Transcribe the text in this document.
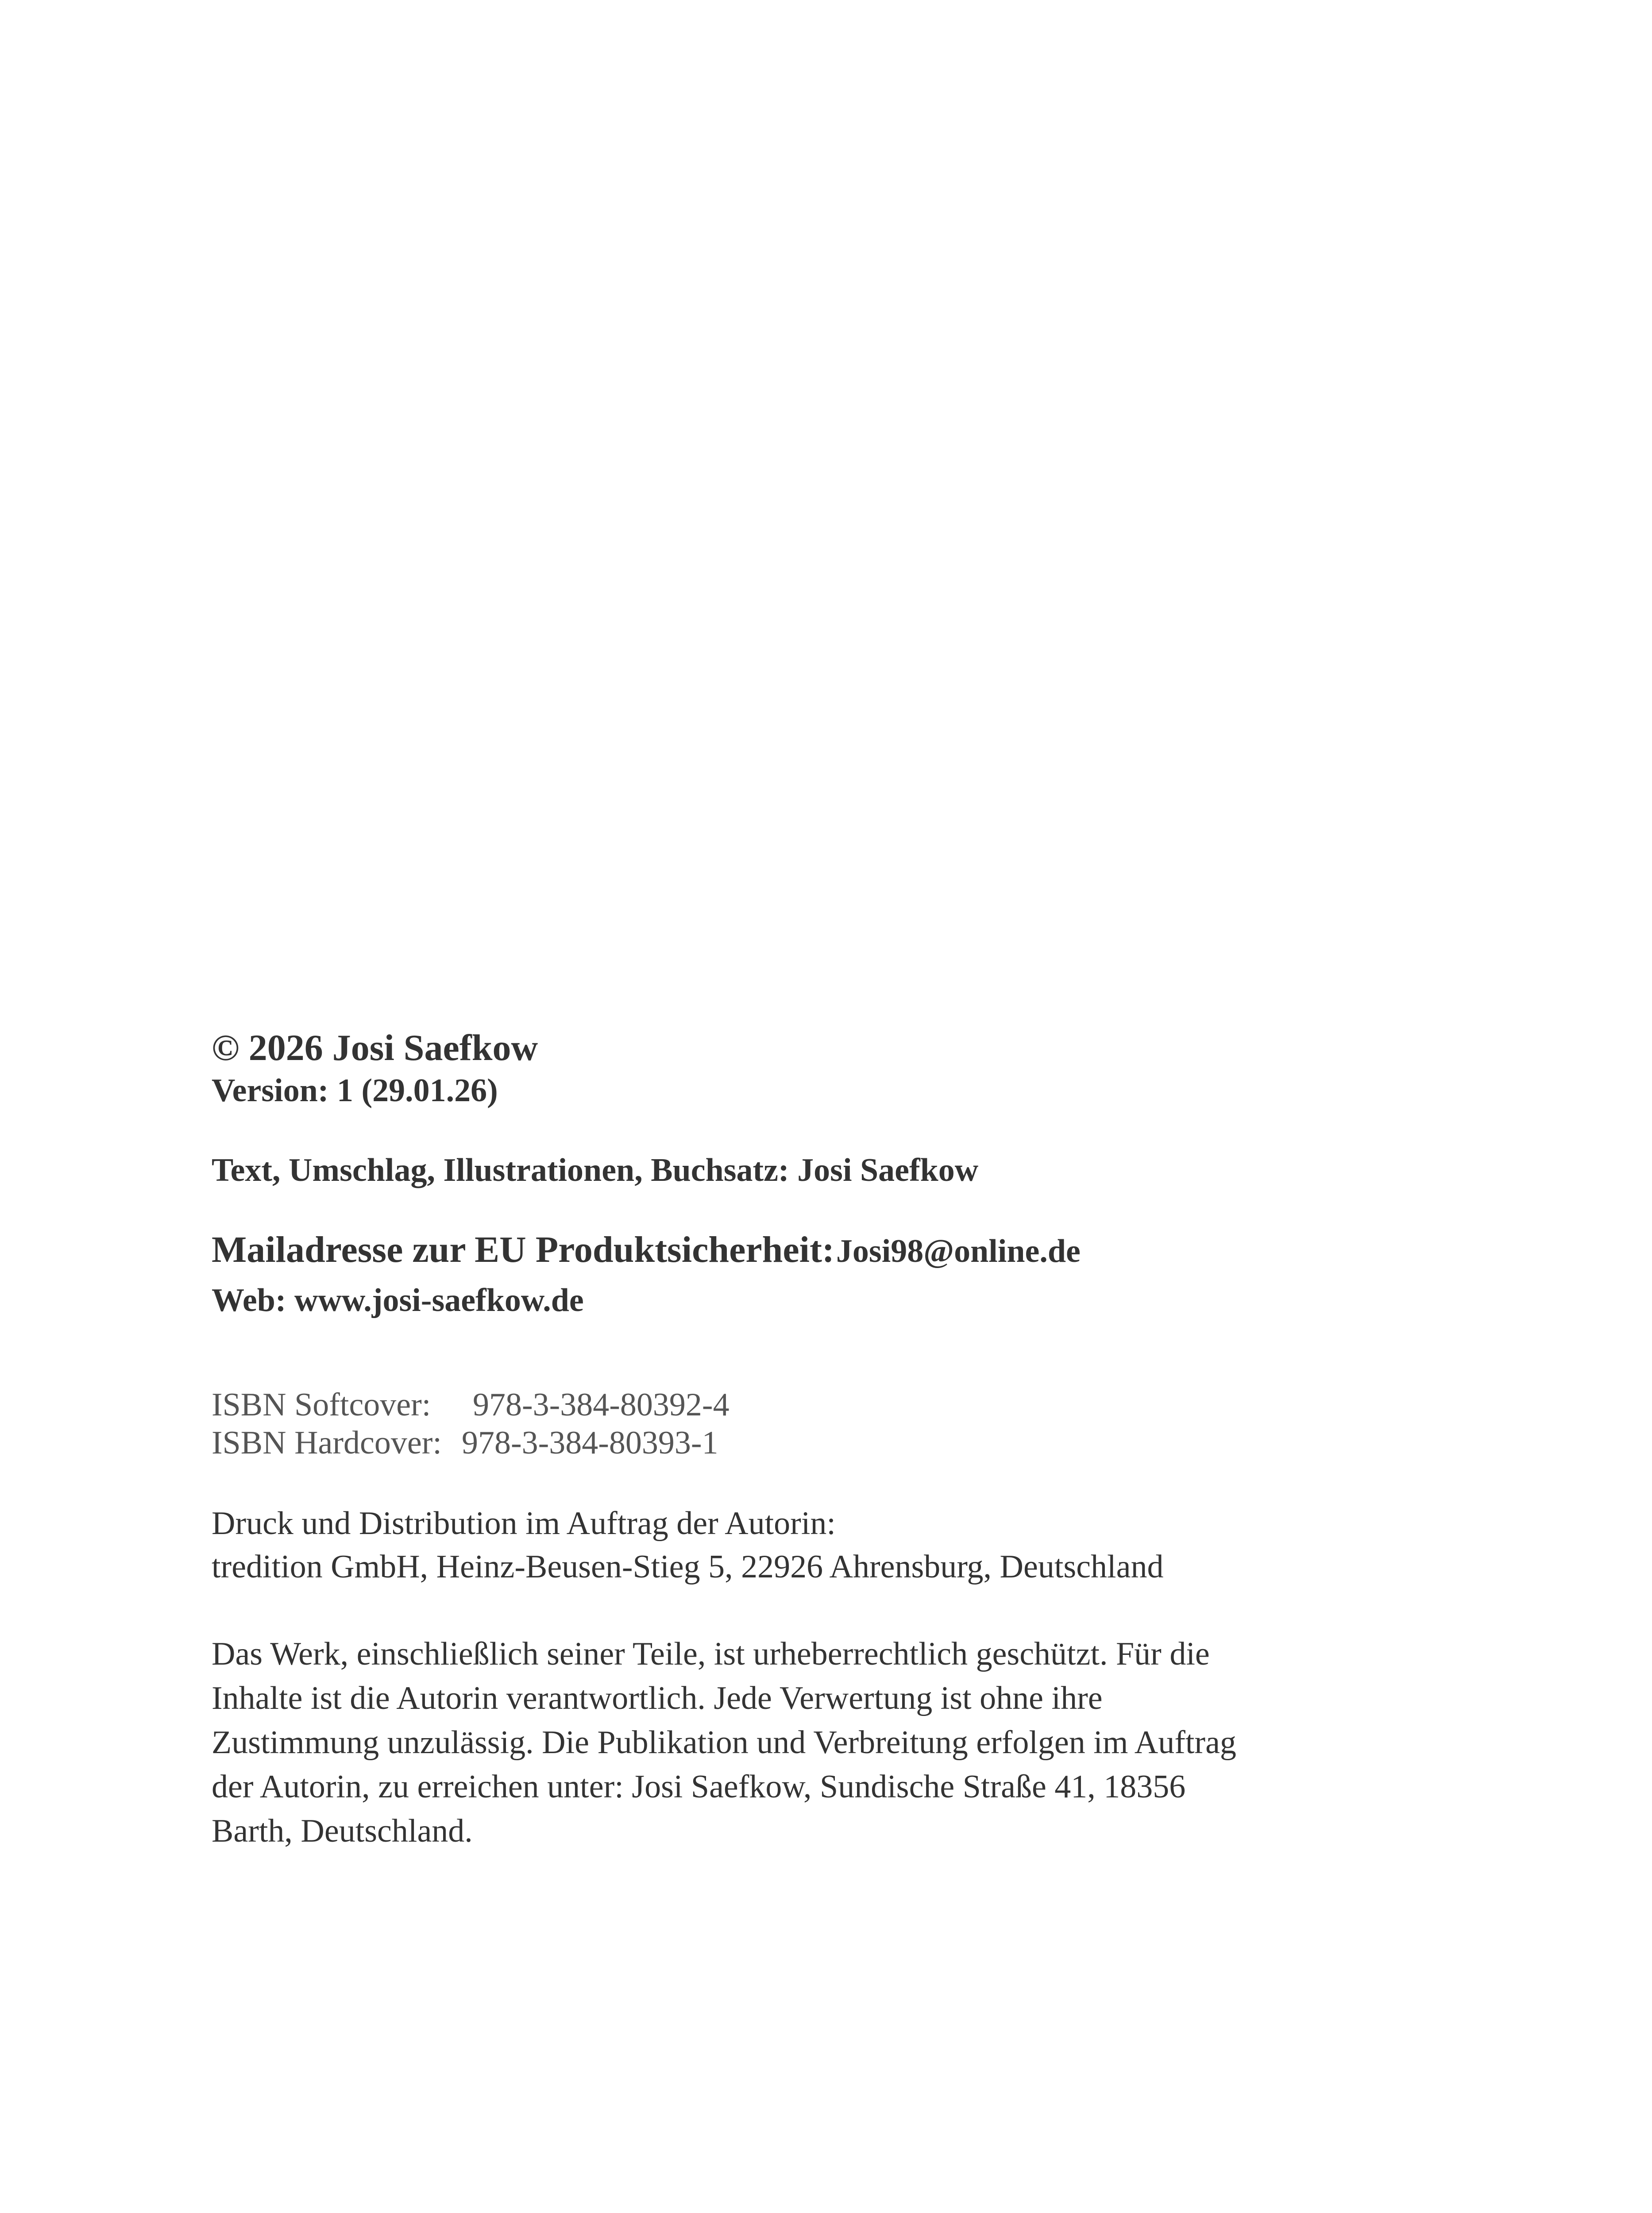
© 2026 Josi Saefkow
Version: 1 (29.01.26)
Text, Umschlag, Illustrationen, Buchsatz: Josi Saefkow
Mailadresse zur EU Produktsicherheit: Josi98@online.de
Web: www.josi-saefkow.de
ISBN Softcover: 978-3-384-80392-4
ISBN Hardcover: 978-3-384-80393-1
Druck und Distribution im Auftrag der Autorin:
tredition GmbH, Heinz-Beusen-Stieg 5, 22926 Ahrensburg, Deutschland
Das Werk, einschließlich seiner Teile, ist urheberrechtlich geschützt. Für die
Inhalte ist die Autorin verantwortlich. Jede Verwertung ist ohne ihre
Zustimmung unzulässig. Die Publikation und Verbreitung erfolgen im Auftrag
der Autorin, zu erreichen unter: Josi Saefkow, Sundische Straße 41, 18356
Barth, Deutschland.
